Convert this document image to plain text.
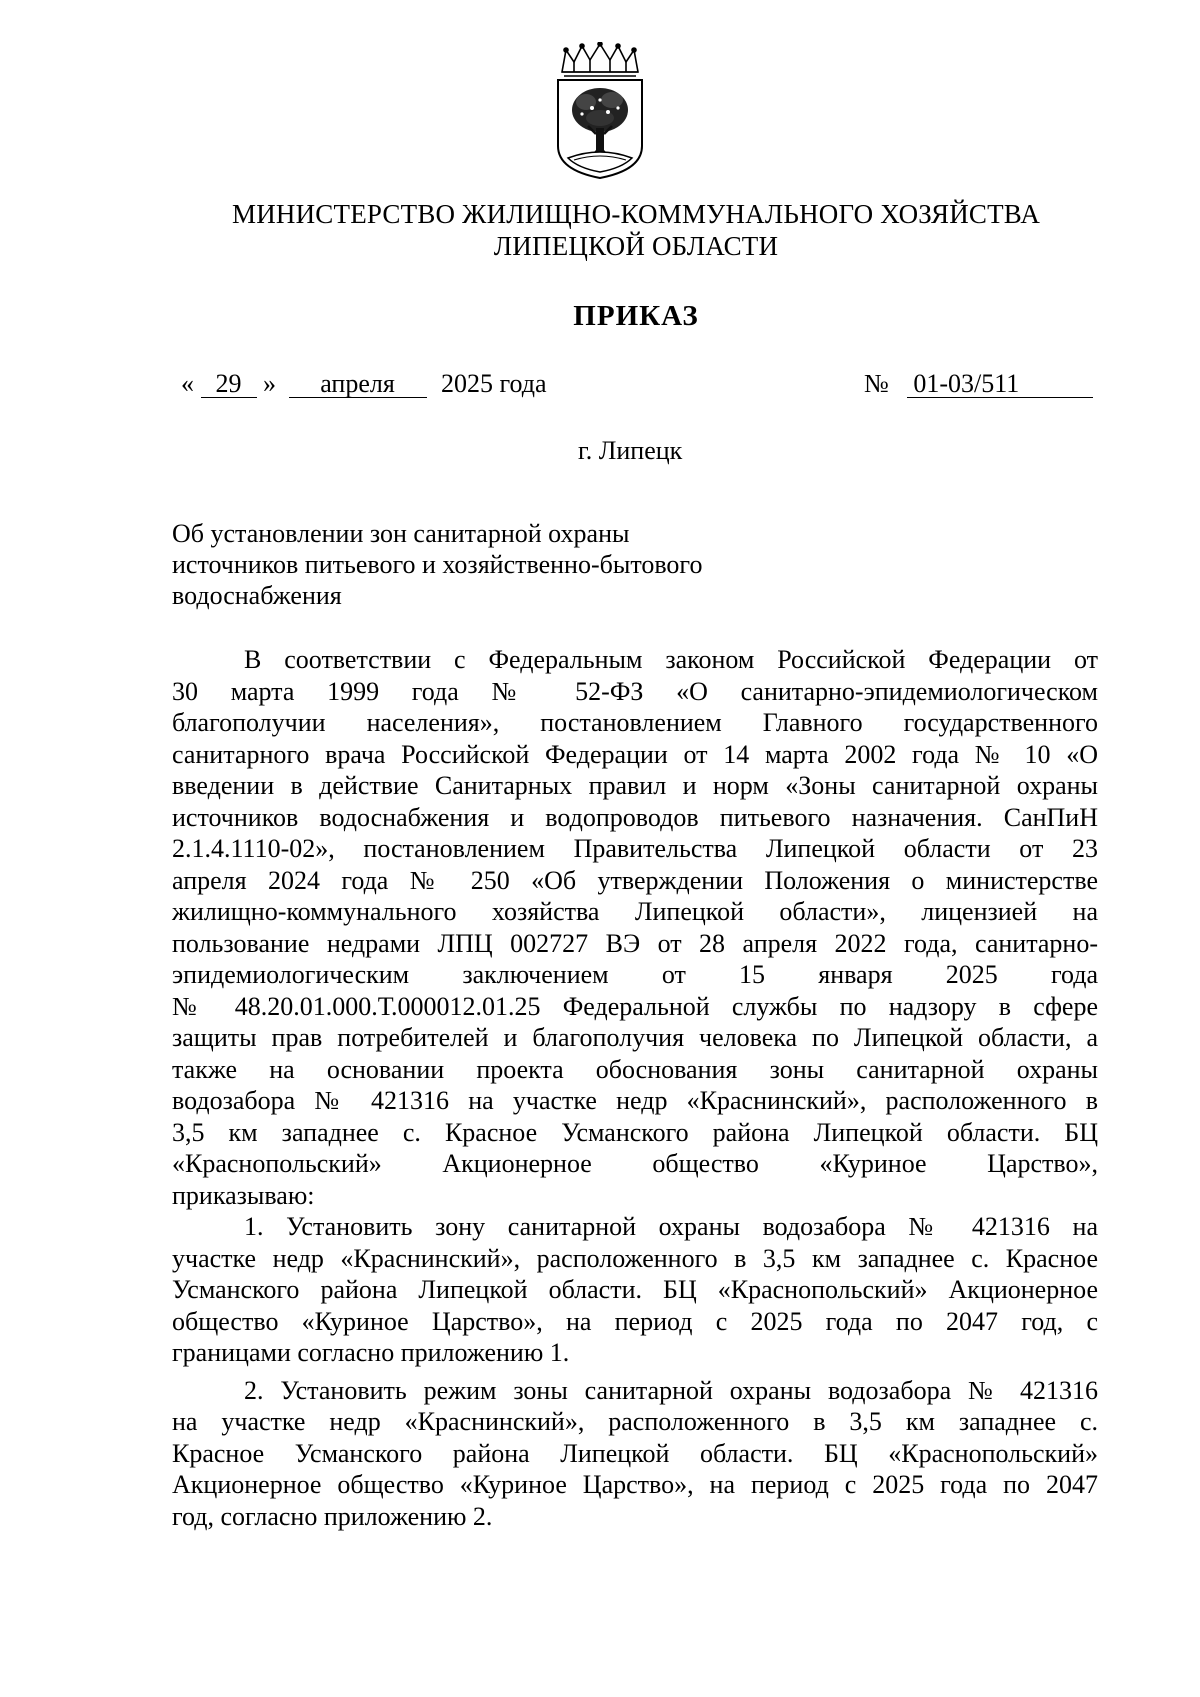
МИНИСТЕРСТВО ЖИЛИЩНО-КОММУНАЛЬНОГО ХОЗЯЙСТВА
ЛИПЕЦКОЙ ОБЛАСТИ
ПРИКАЗ
« 29 » апреля 2025 года	№ 01-03/511
г. Липецк
Об установлении зон санитарной охраны
источников питьевого и хозяйственно-бытового
водоснабжения
В соответствии с Федеральным законом Российской Федерации от
30 марта 1999 года № 52-ФЗ «О санитарно-эпидемиологическом
благополучии населения», постановлением Главного государственного
санитарного врача Российской Федерации от 14 марта 2002 года № 10 «О
введении в действие Санитарных правил и норм «Зоны санитарной охраны
источников водоснабжения и водопроводов питьевого назначения. СанПиН
2.1.4.1110-02», постановлением Правительства Липецкой области от 23
апреля 2024 года № 250 «Об утверждении Положения о министерстве
жилищно-коммунального хозяйства Липецкой области», лицензией на
пользование недрами ЛПЦ 002727 ВЭ от 28 апреля 2022 года, санитарно-
эпидемиологическим заключением от 15 января 2025 года
№ 48.20.01.000.Т.000012.01.25 Федеральной службы по надзору в сфере
защиты прав потребителей и благополучия человека по Липецкой области, а
также на основании проекта обоснования зоны санитарной охраны
водозабора № 421316 на участке недр «Краснинский», расположенного в
3,5 км западнее с. Красное Усманского района Липецкой области. БЦ
«Краснопольский» Акционерное общество «Куриное Царство»,
приказываю:
1. Установить зону санитарной охраны водозабора № 421316 на
участке недр «Краснинский», расположенного в 3,5 км западнее с. Красное
Усманского района Липецкой области. БЦ «Краснопольский» Акционерное
общество «Куриное Царство», на период с 2025 года по 2047 год, с
границами согласно приложению 1.
2. Установить режим зоны санитарной охраны водозабора № 421316
на участке недр «Краснинский», расположенного в 3,5 км западнее с.
Красное Усманского района Липецкой области. БЦ «Краснопольский»
Акционерное общество «Куриное Царство», на период с 2025 года по 2047
год, согласно приложению 2.
